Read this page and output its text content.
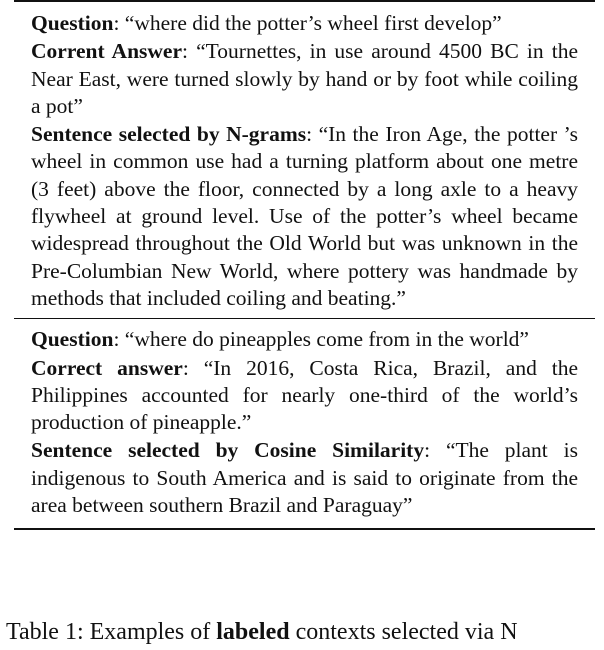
Question: “where did the potter’s wheel first develop”

Corrent Answer: “Tournettes, in use around 4500 BC in the Near East, were turned slowly by hand or by foot while coiling a pot”

Sentence selected by N-grams: “In the Iron Age, the potter ’s wheel in common use had a turning platform about one metre (3 feet) above the floor, connected by a long axle to a heavy flywheel at ground level. Use of the potter’s wheel became widespread throughout the Old World but was unknown in the Pre-Columbian New World, where pottery was handmade by methods that included coiling and beating.”

Question: “where do pineapples come from in the world”

Correct answer: “In 2016, Costa Rica, Brazil, and the Philippines accounted for nearly one-third of the world’s production of pineapple.”

Sentence selected by Cosine Similarity: “The plant is indigenous to South America and is said to originate from the area between southern Brazil and Paraguay”

Table 1: Examples of labeled contexts selected via N
